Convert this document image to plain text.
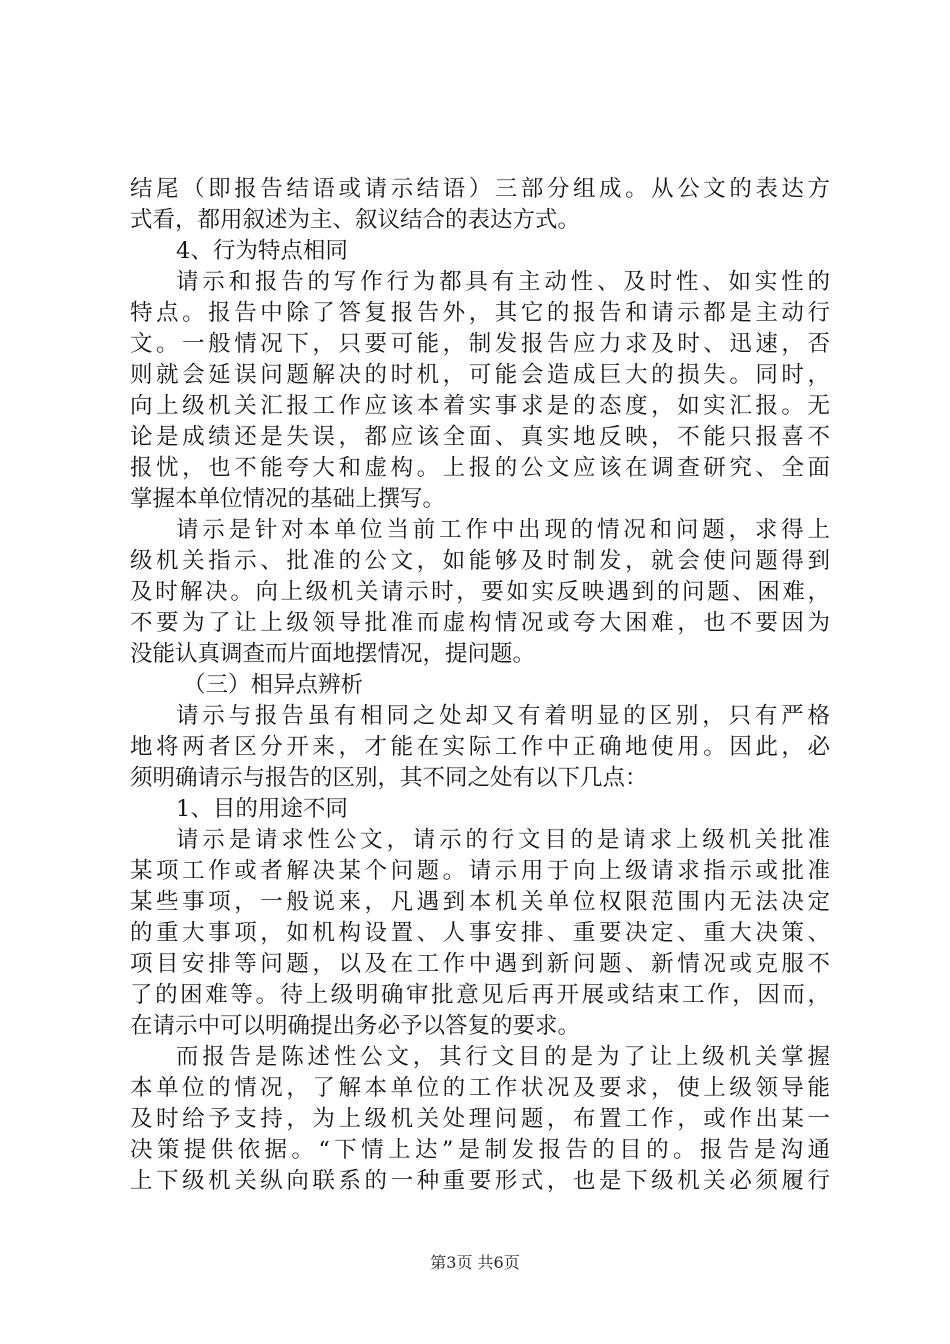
结尾（即报告结语或请示结语）三部分组成。从公文的表达方
式看，都用叙述为主、叙议结合的表达方式。
4、行为特点相同
请示和报告的写作行为都具有主动性、及时性、如实性的
特点。报告中除了答复报告外，其它的报告和请示都是主动行
文。一般情况下，只要可能，制发报告应力求及时、迅速，否
则就会延误问题解决的时机，可能会造成巨大的损失。同时，
向上级机关汇报工作应该本着实事求是的态度，如实汇报。无
论是成绩还是失误，都应该全面、真实地反映，不能只报喜不
报忧，也不能夸大和虚构。上报的公文应该在调查研究、全面
掌握本单位情况的基础上撰写。
请示是针对本单位当前工作中出现的情况和问题，求得上
级机关指示、批准的公文，如能够及时制发，就会使问题得到
及时解决。向上级机关请示时，要如实反映遇到的问题、困难，
不要为了让上级领导批准而虚构情况或夸大困难，也不要因为
没能认真调查而片面地摆情况，提问题。
（三）相异点辨析
请示与报告虽有相同之处却又有着明显的区别，只有严格
地将两者区分开来，才能在实际工作中正确地使用。因此，必
须明确请示与报告的区别，其不同之处有以下几点：
1、目的用途不同
请示是请求性公文，请示的行文目的是请求上级机关批准
某项工作或者解决某个问题。请示用于向上级请求指示或批准
某些事项，一般说来，凡遇到本机关单位权限范围内无法决定
的重大事项，如机构设置、人事安排、重要决定、重大决策、
项目安排等问题，以及在工作中遇到新问题、新情况或克服不
了的困难等。待上级明确审批意见后再开展或结束工作，因而，
在请示中可以明确提出务必予以答复的要求。
而报告是陈述性公文，其行文目的是为了让上级机关掌握
本单位的情况，了解本单位的工作状况及要求，使上级领导能
及时给予支持，为上级机关处理问题，布置工作，或作出某一
决策提供依据。“下情上达”是制发报告的目的。报告是沟通
上下级机关纵向联系的一种重要形式，也是下级机关必须履行
第3页 共6页
